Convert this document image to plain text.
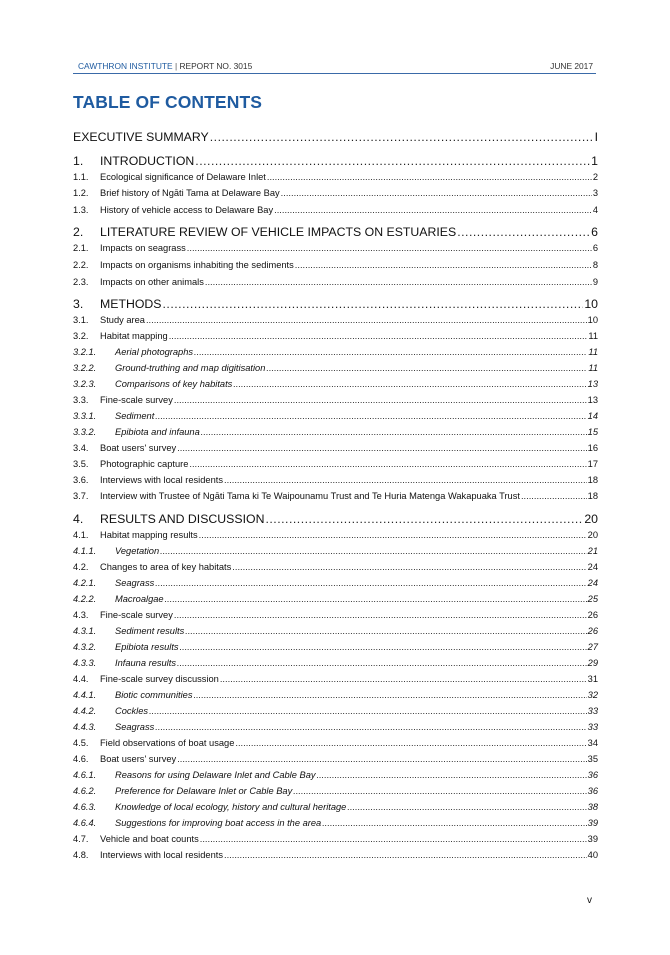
CAWTHRON INSTITUTE | REPORT NO. 3015	JUNE 2017
TABLE OF CONTENTS
EXECUTIVE SUMMARY .....	I
1.	INTRODUCTION .....	1
1.1.	Ecological significance of Delaware Inlet .....	2
1.2.	Brief history of Ngāti Tama at Delaware Bay .....	3
1.3.	History of vehicle access to Delaware Bay .....	4
2.	LITERATURE REVIEW OF VEHICLE IMPACTS ON ESTUARIES .....	6
2.1.	Impacts on seagrass .....	6
2.2.	Impacts on organisms inhabiting the sediments .....	8
2.3.	Impacts on other animals .....	9
3.	METHODS .....	10
3.1.	Study area .....	10
3.2.	Habitat mapping .....	11
3.2.1.	Aerial photographs .....	11
3.2.2.	Ground-truthing and map digitisation .....	11
3.2.3.	Comparisons of key habitats .....	13
3.3.	Fine-scale survey .....	13
3.3.1.	Sediment .....	14
3.3.2.	Epibiota and infauna .....	15
3.4.	Boat users' survey .....	16
3.5.	Photographic capture .....	17
3.6.	Interviews with local residents .....	18
3.7.	Interview with Trustee of Ngāti Tama ki Te Waipounamu Trust and Te Huria Matenga Wakapuaka Trust .....	18
4.	RESULTS AND DISCUSSION .....	20
4.1.	Habitat mapping results .....	20
4.1.1.	Vegetation .....	21
4.2.	Changes to area of key habitats .....	24
4.2.1.	Seagrass .....	24
4.2.2.	Macroalgae .....	25
4.3.	Fine-scale survey .....	26
4.3.1.	Sediment results .....	26
4.3.2.	Epibiota results .....	27
4.3.3.	Infauna results .....	29
4.4.	Fine-scale survey discussion .....	31
4.4.1.	Biotic communities .....	32
4.4.2.	Cockles .....	33
4.4.3.	Seagrass .....	33
4.5.	Field observations of boat usage .....	34
4.6.	Boat users' survey .....	35
4.6.1.	Reasons for using Delaware Inlet and Cable Bay .....	36
4.6.2.	Preference for Delaware Inlet or Cable Bay .....	36
4.6.3.	Knowledge of local ecology, history and cultural heritage .....	38
4.6.4.	Suggestions for improving boat access in the area .....	39
4.7.	Vehicle and boat counts .....	39
4.8.	Interviews with local residents .....	40
v
